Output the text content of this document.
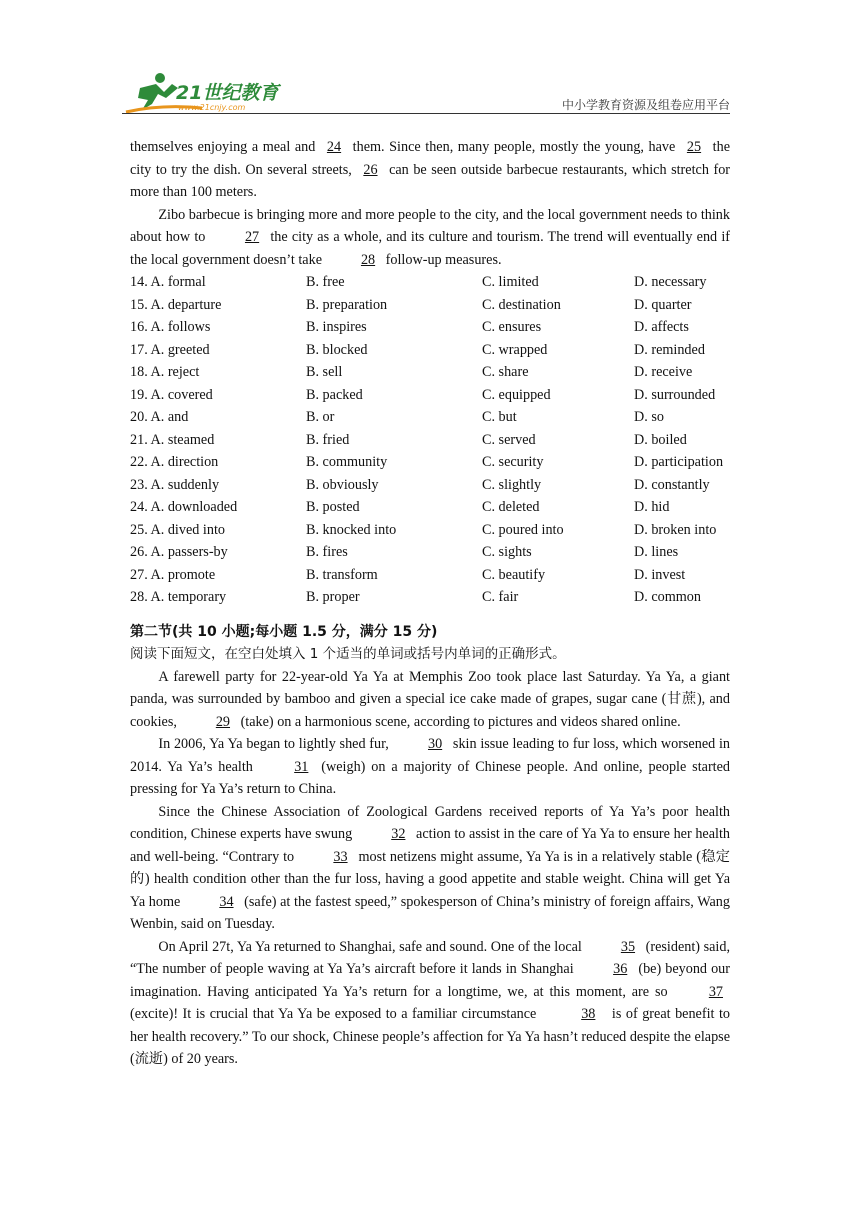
21世纪教育
www.21cnjy.com	中小学教育资源及组卷应用平台

themselves enjoying a meal and 24 them. Since then, many people, mostly the young, have 25 the city to try the dish. On several streets, 26 can be seen outside barbecue restaurants, which stretch for more than 100 meters.

Zibo barbecue is bringing more and more people to the city, and the local government needs to think about how to 27 the city as a whole, and its culture and tourism. The trend will eventually end if the local government doesn’t take 28 follow-up measures.

14. A. formal	B. free	C. limited	D. necessary
15. A. departure	B. preparation	C. destination	D. quarter
16. A. follows	B. inspires	C. ensures	D. affects
17. A. greeted	B. blocked	C. wrapped	D. reminded
18. A. reject	B. sell	C. share	D. receive
19. A. covered	B. packed	C. equipped	D. surrounded
20. A. and	B. or	C. but	D. so
21. A. steamed	B. fried	C. served	D. boiled
22. A. direction	B. community	C. security	D. participation
23. A. suddenly	B. obviously	C. slightly	D. constantly
24. A. downloaded	B. posted	C. deleted	D. hid
25. A. dived into	B. knocked into	C. poured into	D. broken into
26. A. passers-by	B. fires	C. sights	D. lines
27. A. promote	B. transform	C. beautify	D. invest
28. A. temporary	B. proper	C. fair	D. common
第二节(共 10 小题;每小题 1.5 分，满分 15 分)
阅读下面短文，在空白处填入 1 个适当的单词或括号内单词的正确形式。

A farewell party for 22-year-old Ya Ya at Memphis Zoo took place last Saturday. Ya Ya, a giant panda, was surrounded by bamboo and given a special ice cake made of grapes, sugar cane (甘蔗), and cookies, 29 (take) on a harmonious scene, according to pictures and videos shared online.

In 2006, Ya Ya began to lightly shed fur, 30 skin issue leading to fur loss, which worsened in 2014. Ya Ya’s health 31 (weigh) on a majority of Chinese people. And online, people started pressing for Ya Ya’s return to China.

Since the Chinese Association of Zoological Gardens received reports of Ya Ya’s poor health condition, Chinese experts have swung 32 action to assist in the care of Ya Ya to ensure her health and well-being. “Contrary to 33 most netizens might assume, Ya Ya is in a relatively stable (稳定的) health condition other than the fur loss, having a good appetite and stable weight. China will get Ya Ya home 34 (safe) at the fastest speed,” spokesperson of China’s ministry of foreign affairs, Wang Wenbin, said on Tuesday.

On April 27t, Ya Ya returned to Shanghai, safe and sound. One of the local 35 (resident) said, “The number of people waving at Ya Ya’s aircraft before it lands in Shanghai 36 (be) beyond our imagination. Having anticipated Ya Ya’s return for a longtime, we, at this moment, are so 37 (excite)! It is crucial that Ya Ya be exposed to a familiar circumstance	38 is of great benefit to her health recovery.” To our shock, Chinese people’s affection for Ya Ya hasn’t reduced despite the elapse (流逝) of 20 years.
